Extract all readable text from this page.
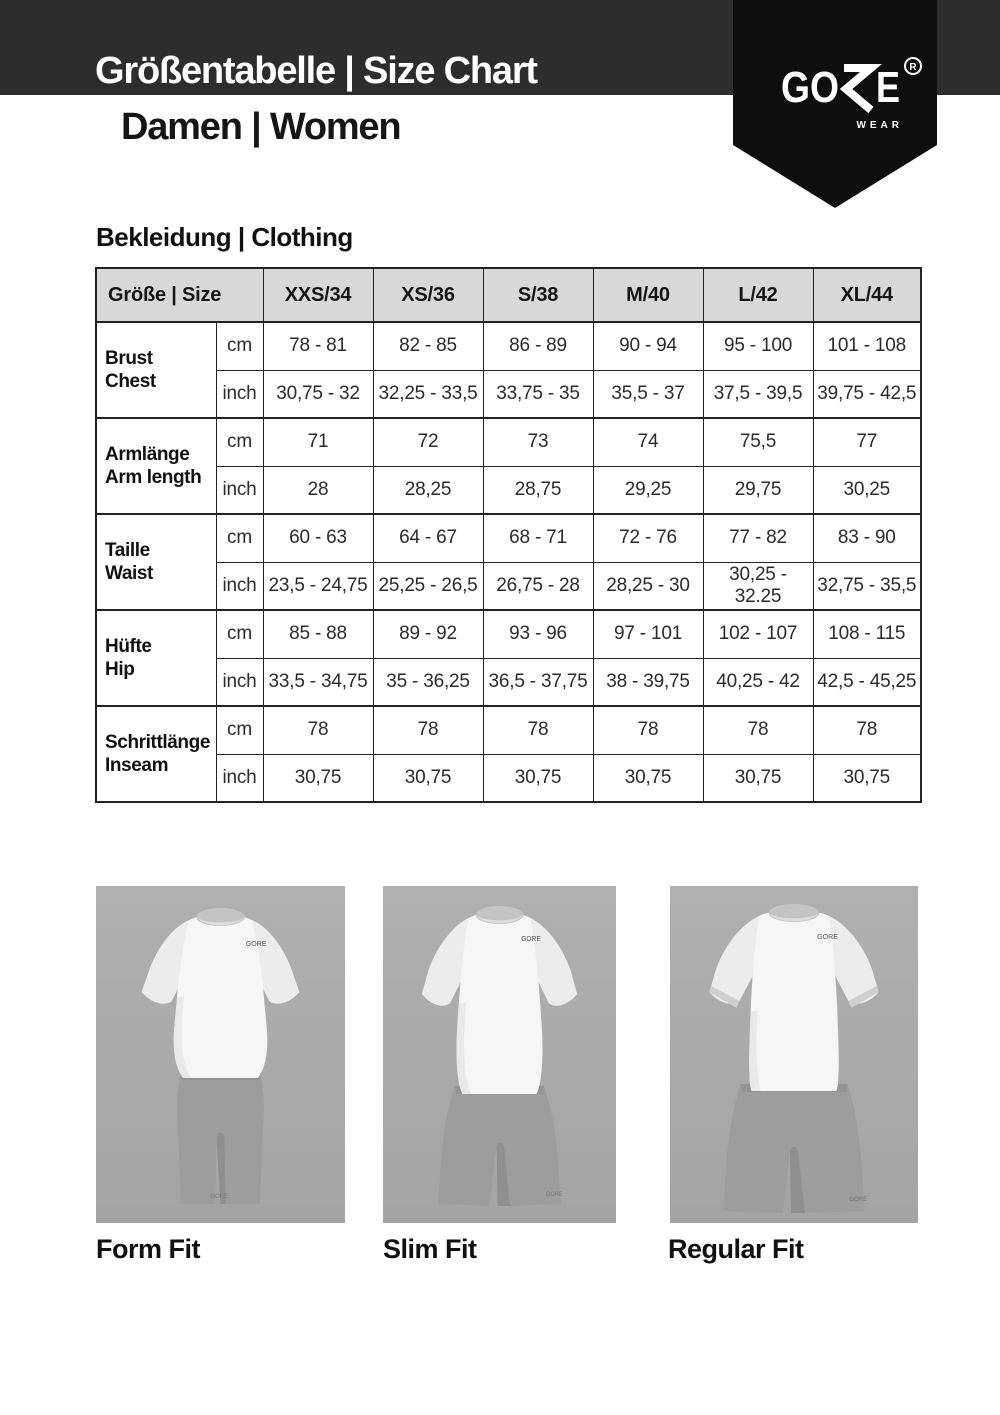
Größentabelle | Size Chart
Damen | Women
GO E R
WEAR
Bekleidung | Clothing
Größe | Size		XXS/34	XS/36	S/38	M/40	L/42	XL/44

Brust
Chest	cm	78 - 81	82 - 85	86 - 89	90 - 94	95 - 100	101 - 108
	inch	30,75 - 32	32,25 - 33,5	33,75 - 35	35,5 - 37	37,5 - 39,5	39,75 - 42,5

Armlänge
Arm length	cm	71	72	73	74	75,5	77
	inch	28	28,25	28,75	29,25	29,75	30,25

Taille
Waist	cm	60 - 63	64 - 67	68 - 71	72 - 76	77 - 82	83 - 90
	inch	23,5 - 24,75	25,25 - 26,5	26,75 - 28	28,25 - 30	30,25 - 32.25	32,75 - 35,5

Hüfte
Hip	cm	85 - 88	89 - 92	93 - 96	97 - 101	102 - 107	108 - 115
	inch	33,5 - 34,75	35 - 36,25	36,5 - 37,75	38 - 39,75	40,25 - 42	42,5 - 45,25

Schrittlänge
Inseam	cm	78	78	78	78	78	78
	inch	30,75	30,75	30,75	30,75	30,75	30,75
GORE
GORE
GORE
GORE
GORE
GORE
Form Fit	Slim Fit	Regular Fit
